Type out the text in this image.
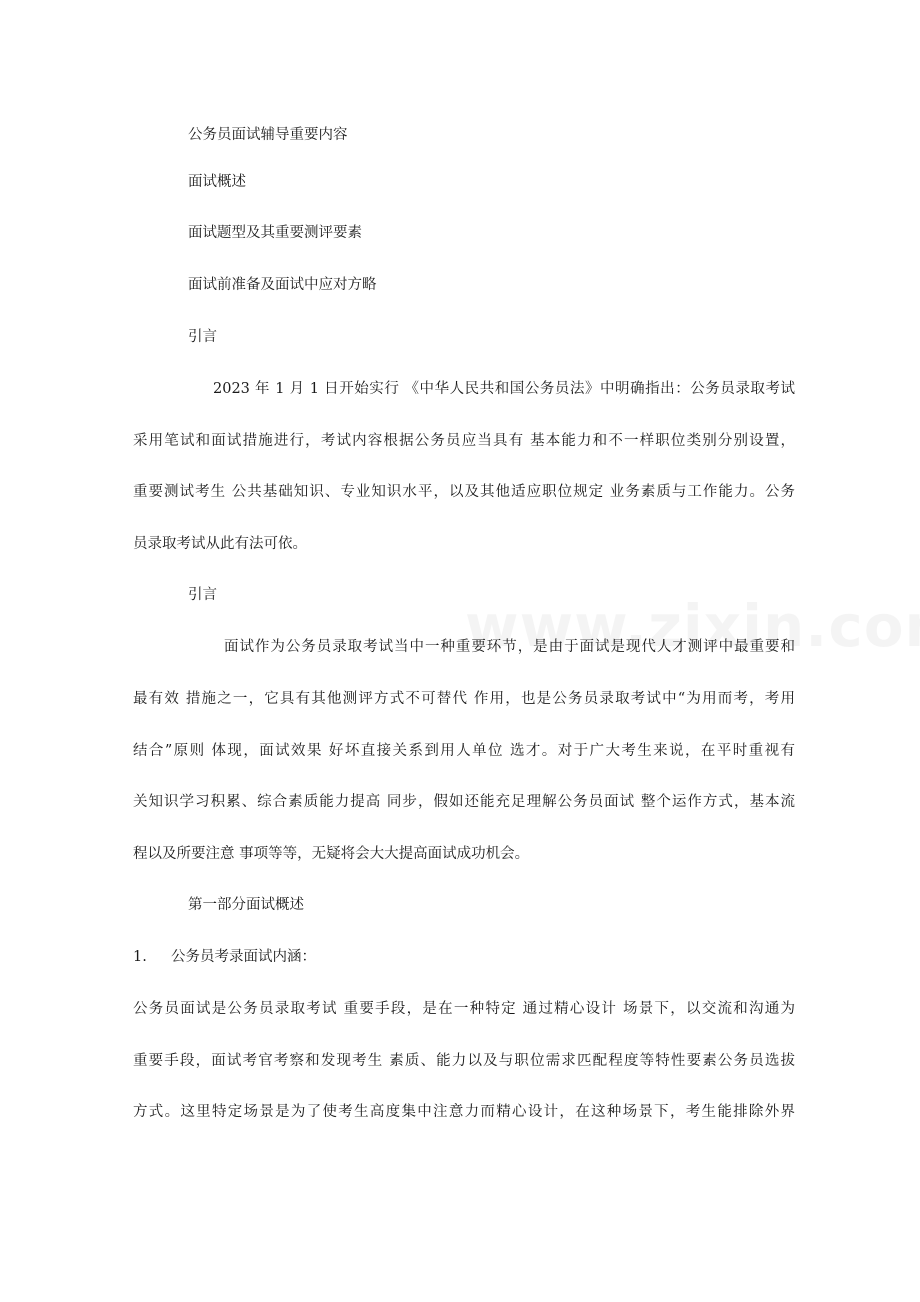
公务员面试辅导重要内容
面试概述
面试题型及其重要测评要素
面试前准备及面试中应对方略
引言
2023 年 1 月 1 日开始实行 《中华人民共和国公务员法》中明确指出：公务员录取考试
采用笔试和面试措施进行，考试内容根据公务员应当具有 基本能力和不一样职位类别分别设置，
重要测试考生 公共基础知识、专业知识水平，以及其他适应职位规定 业务素质与工作能力。公务
员录取考试从此有法可依。
引言
面试作为公务员录取考试当中一种重要环节，是由于面试是现代人才测评中最重要和
最有效 措施之一，它具有其他测评方式不可替代 作用，也是公务员录取考试中“为用而考，考用
结合”原则 体现，面试效果 好坏直接关系到用人单位 选才。对于广大考生来说，在平时重视有
关知识学习积累、综合素质能力提高 同步，假如还能充足理解公务员面试 整个运作方式，基本流
程以及所要注意 事项等等，无疑将会大大提高面试成功机会。
第一部分面试概述
1. 公务员考录面试内涵：
公务员面试是公务员录取考试 重要手段，是在一种特定 通过精心设计 场景下，以交流和沟通为
重要手段，面试考官考察和发现考生 素质、能力以及与职位需求匹配程度等特性要素公务员选拔
方式。这里特定场景是为了使考生高度集中注意力而精心设计，在这种场景下，考生能排除外界
